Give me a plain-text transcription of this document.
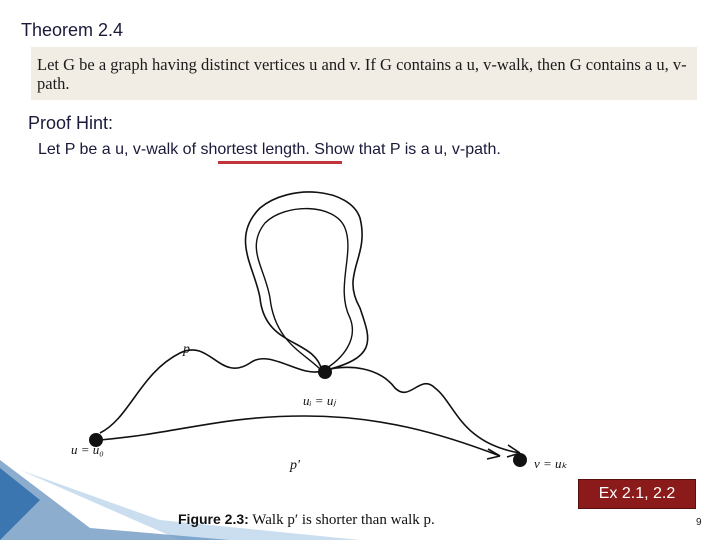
Theorem 2.4
Let G be a graph having distinct vertices u and v. If G contains a u, v-walk, then G contains a u, v-path.
Proof Hint:
Let P be a u, v-walk of shortest length. Show that P is a u, v-path.
p
uᵢ = uⱼ
u = u₀
p′	v = uₖ
Figure 2.3: Walk p′ is shorter than walk p.
Ex 2.1, 2.2
9
